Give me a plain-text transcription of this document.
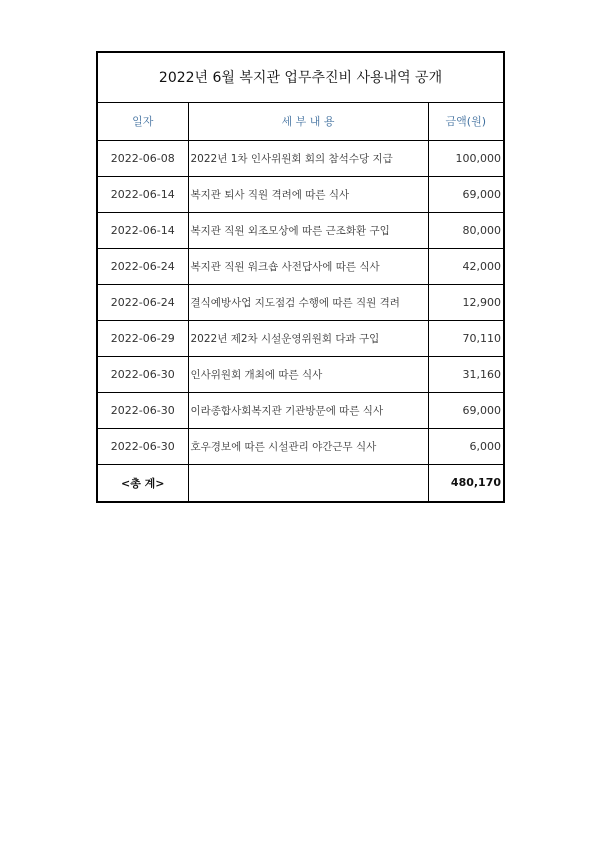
2022년 6월 복지관 업무추진비 사용내역 공개		
일자	세 부 내 용	금액(원)
2022-06-08	2022년 1차 인사위원회 회의 참석수당 지급	100,000
2022-06-14	복지관 퇴사 직원 격려에 따른 식사	69,000
2022-06-14	복지관 직원 외조모상에 따른 근조화환 구입	80,000
2022-06-24	복지관 직원 워크숍 사전답사에 따른 식사	42,000
2022-06-24	결식예방사업 지도점검 수행에 따른 직원 격려	12,900
2022-06-29	2022년 제2차 시설운영위원회 다과 구입	70,110
2022-06-30	인사위원회 개최에 따른 식사	31,160
2022-06-30	이라종합사회복지관 기관방문에 따른 식사	69,000
2022-06-30	호우경보에 따른 시설관리 야간근무 식사	6,000
<총 계>		480,170
